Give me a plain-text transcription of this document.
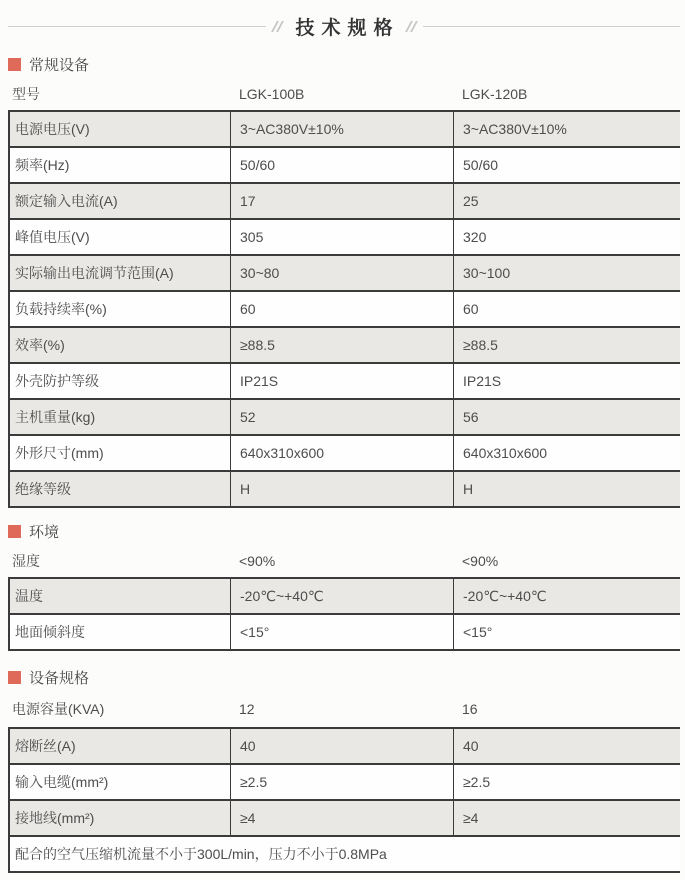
技术规格
常规设备
型号	LGK-100B	LGK-120B
电源电压(V)	3~AC380V±10%	3~AC380V±10%
频率(Hz)	50/60	50/60
额定输入电流(A)	17	25
峰值电压(V)	305	320
实际输出电流调节范围(A)	30~80	30~100
负载持续率(%)	60	60
效率(%)	≥88.5	≥88.5
外壳防护等级	IP21S	IP21S
主机重量(kg)	52	56
外形尺寸(mm)	640x310x600	640x310x600
绝缘等级	H	H
环境
湿度	<90%	<90%
温度	-20℃~+40℃	-20℃~+40℃
地面倾斜度	<15°	<15°
设备规格
电源容量(KVA)	12	16
熔断丝(A)	40	40
输入电缆(mm²)	≥2.5	≥2.5
接地线(mm²)	≥4	≥4
配合的空气压缩机流量不小于300L/min，压力不小于0.8MPa
